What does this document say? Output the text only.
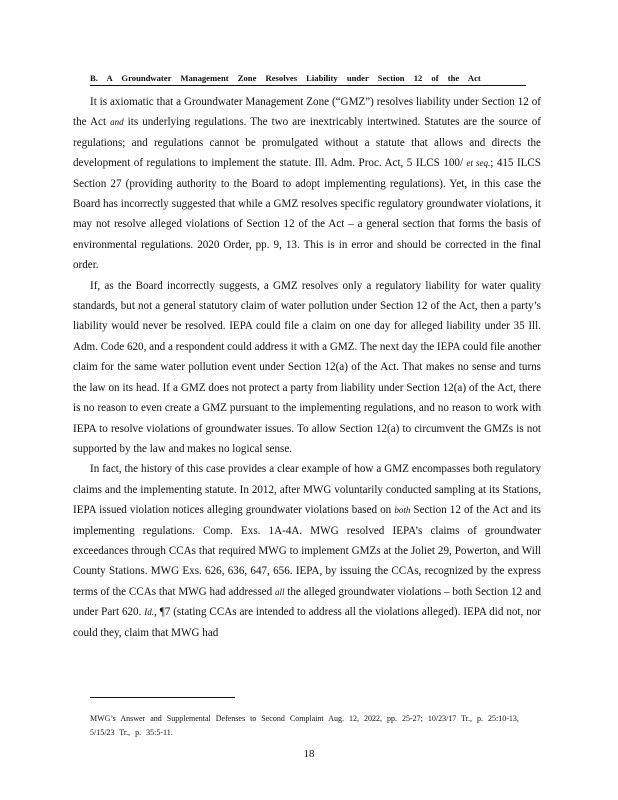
B. A Groundwater Management Zone Resolves Liability under Section 12 of the Act

It is axiomatic that a Groundwater Management Zone (“GMZ”) resolves liability under Section 12 of the Act and its underlying regulations. The two are inextricably intertwined. Statutes are the source of regulations; and regulations cannot be promulgated without a statute that allows and directs the development of regulations to implement the statute. Ill. Adm. Proc. Act, 5 ILCS 100/ et seq.; 415 ILCS Section 27 (providing authority to the Board to adopt implementing regulations). Yet, in this case the Board has incorrectly suggested that while a GMZ resolves specific regulatory groundwater violations, it may not resolve alleged violations of Section 12 of the Act – a general section that forms the basis of environmental regulations. 2020 Order, pp. 9, 13. This is in error and should be corrected in the final order.

If, as the Board incorrectly suggests, a GMZ resolves only a regulatory liability for water quality standards, but not a general statutory claim of water pollution under Section 12 of the Act, then a party’s liability would never be resolved. IEPA could file a claim on one day for alleged liability under 35 Ill. Adm. Code 620, and a respondent could address it with a GMZ. The next day the IEPA could file another claim for the same water pollution event under Section 12(a) of the Act. That makes no sense and turns the law on its head. If a GMZ does not protect a party from liability under Section 12(a) of the Act, there is no reason to even create a GMZ pursuant to the implementing regulations, and no reason to work with IEPA to resolve violations of groundwater issues. To allow Section 12(a) to circumvent the GMZs is not supported by the law and makes no logical sense.

In fact, the history of this case provides a clear example of how a GMZ encompasses both regulatory claims and the implementing statute. In 2012, after MWG voluntarily conducted sampling at its Stations, IEPA issued violation notices alleging groundwater violations based on both Section 12 of the Act and its implementing regulations. Comp. Exs. 1A-4A. MWG resolved IEPA’s claims of groundwater exceedances through CCAs that required MWG to implement GMZs at the Joliet 29, Powerton, and Will County Stations. MWG Exs. 626, 636, 647, 656. IEPA, by issuing the CCAs, recognized by the express terms of the CCAs that MWG had addressed all the alleged groundwater violations – both Section 12 and under Part 620. Id., ¶7 (stating CCAs are intended to address all the violations alleged). IEPA did not, nor could they, claim that MWG had

MWG’s Answer and Supplemental Defenses to Second Complaint Aug. 12, 2022, pp. 25-27; 10/23/17 Tr., p. 25:10-13, 5/15/23 Tr., p. 35:5-11.
18
